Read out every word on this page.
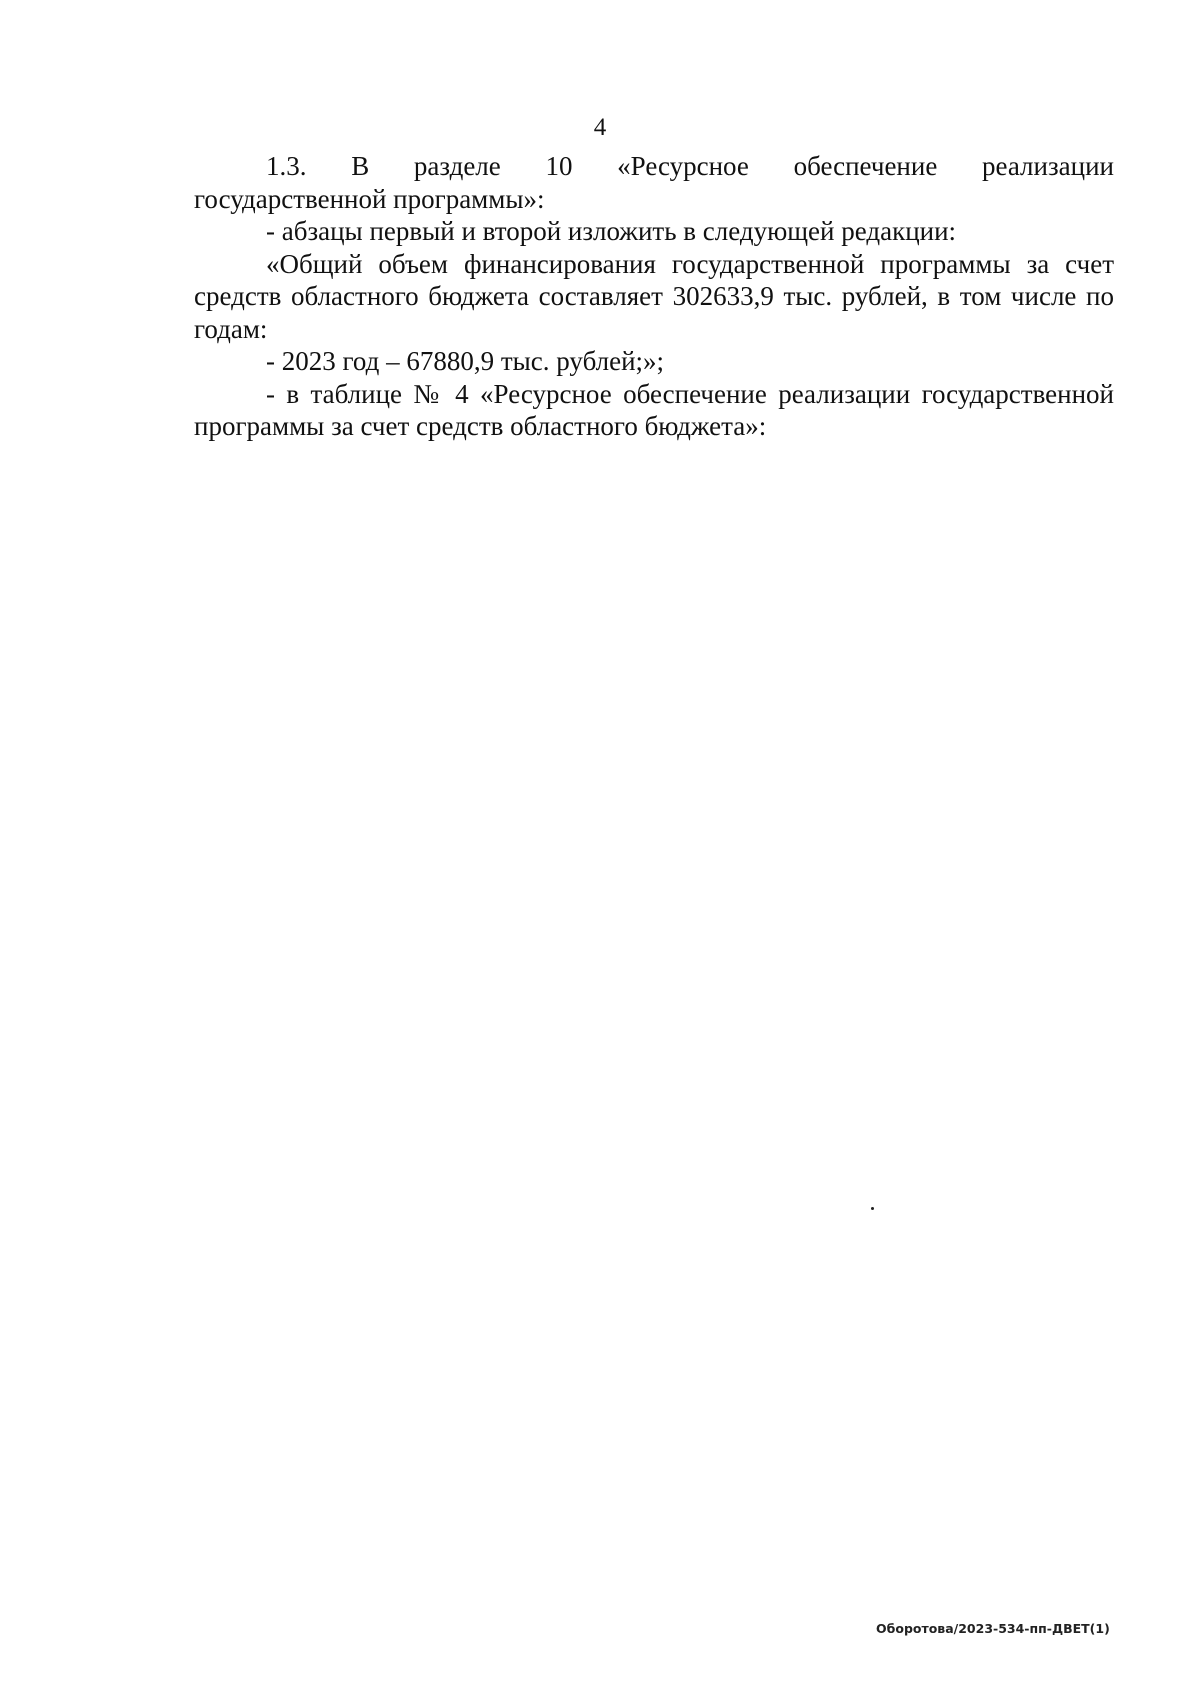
4
1.3. В разделе 10 «Ресурсное обеспечение реализации

государственной программы»:

- абзацы первый и второй изложить в следующей редакции:

«Общий объем финансирования государственной программы за счет средств областного бюджета составляет 302633,9 тыс. рублей, в том числе по годам:

- 2023 год – 67880,9 тыс. рублей;»;

- в таблице № 4 «Ресурсное обеспечение реализации государственной программы за счет средств областного бюджета»:

Оборотова/2023-534-пп-ДВЕТ(1)
